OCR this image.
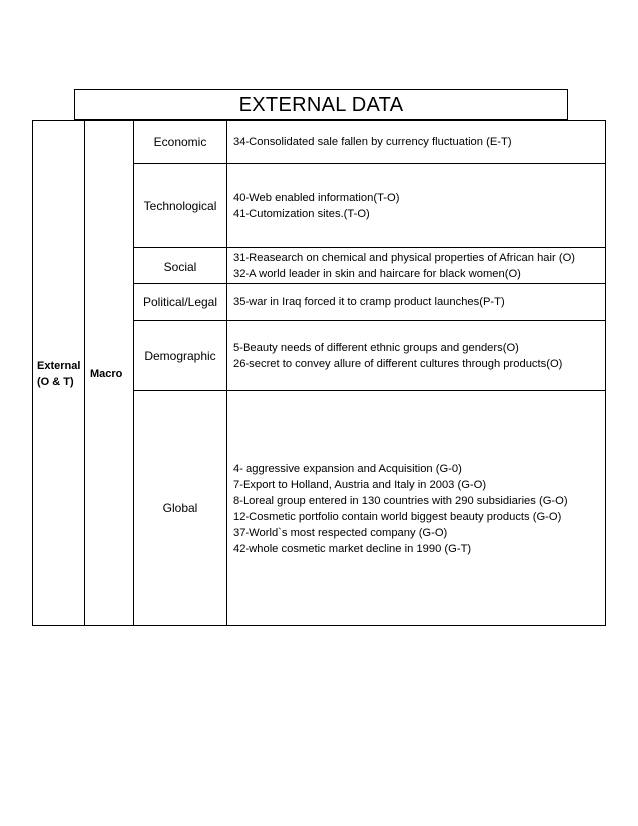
EXTERNAL DATA
External
(O & T)
Macro
Economic	34-Consolidated sale fallen by currency fluctuation (E-T)
Technological
40-Web enabled information(T-O)
41-Cutomization sites.(T-O)
Social
31-Reasearch on chemical and physical properties of African hair (O)
32-A world leader in skin and haircare for black women(O)
Political/Legal	35-war in Iraq forced it to cramp product launches(P-T)
Demographic
5-Beauty needs of different ethnic groups and genders(O)
26-secret to convey allure of different cultures through products(O)
Global
4- aggressive expansion and Acquisition (G-0)
7-Export to Holland, Austria and Italy in 2003 (G-O)
8-Loreal group entered in 130 countries with 290 subsidiaries (G-O)
12-Cosmetic portfolio contain world biggest beauty products (G-O)
37-World`s most respected company (G-O)
42-whole cosmetic market decline in 1990 (G-T)
